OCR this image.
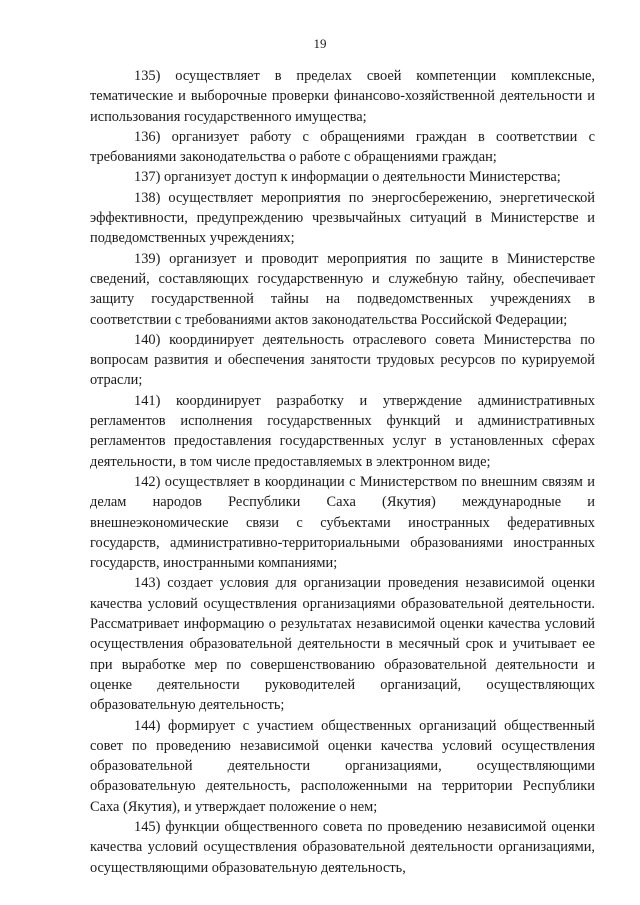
19

135) осуществляет в пределах своей компетенции комплексные, тематические и выборочные проверки финансово-хозяйственной деятельности и использования государственного имущества;

136) организует работу с обращениями граждан в соответствии с требованиями законодательства о работе с обращениями граждан;

137) организует доступ к информации о деятельности Министерства;

138) осуществляет мероприятия по энергосбережению, энергетической эффективности, предупреждению чрезвычайных ситуаций в Министерстве и подведомственных учреждениях;

139) организует и проводит мероприятия по защите в Министерстве сведений, составляющих государственную и служебную тайну, обеспечивает защиту государственной тайны на подведомственных учреждениях в соответствии с требованиями актов законодательства Российской Федерации;

140) координирует деятельность отраслевого совета Министерства по вопросам развития и обеспечения занятости трудовых ресурсов по курируемой отрасли;

141) координирует разработку и утверждение административных регламентов исполнения государственных функций и административных регламентов предоставления государственных услуг в установленных сферах деятельности, в том числе предоставляемых в электронном виде;

142) осуществляет в координации с Министерством по внешним связям и делам народов Республики Саха (Якутия) международные и внешнеэкономические связи с субъектами иностранных федеративных государств, административно-территориальными образованиями иностранных государств, иностранными компаниями;

143) создает условия для организации проведения независимой оценки качества условий осуществления организациями образовательной деятельности. Рассматривает информацию о результатах независимой оценки качества условий осуществления образовательной деятельности в месячный срок и учитывает ее при выработке мер по совершенствованию образовательной деятельности и оценке деятельности руководителей организаций, осуществляющих образовательную деятельность;

144) формирует с участием общественных организаций общественный совет по проведению независимой оценки качества условий осуществления образовательной деятельности организациями, осуществляющими образовательную деятельность, расположенными на территории Республики Саха (Якутия), и утверждает положение о нем;

145) функции общественного совета по проведению независимой оценки качества условий осуществления образовательной деятельности организациями, осуществляющими образовательную деятельность,
